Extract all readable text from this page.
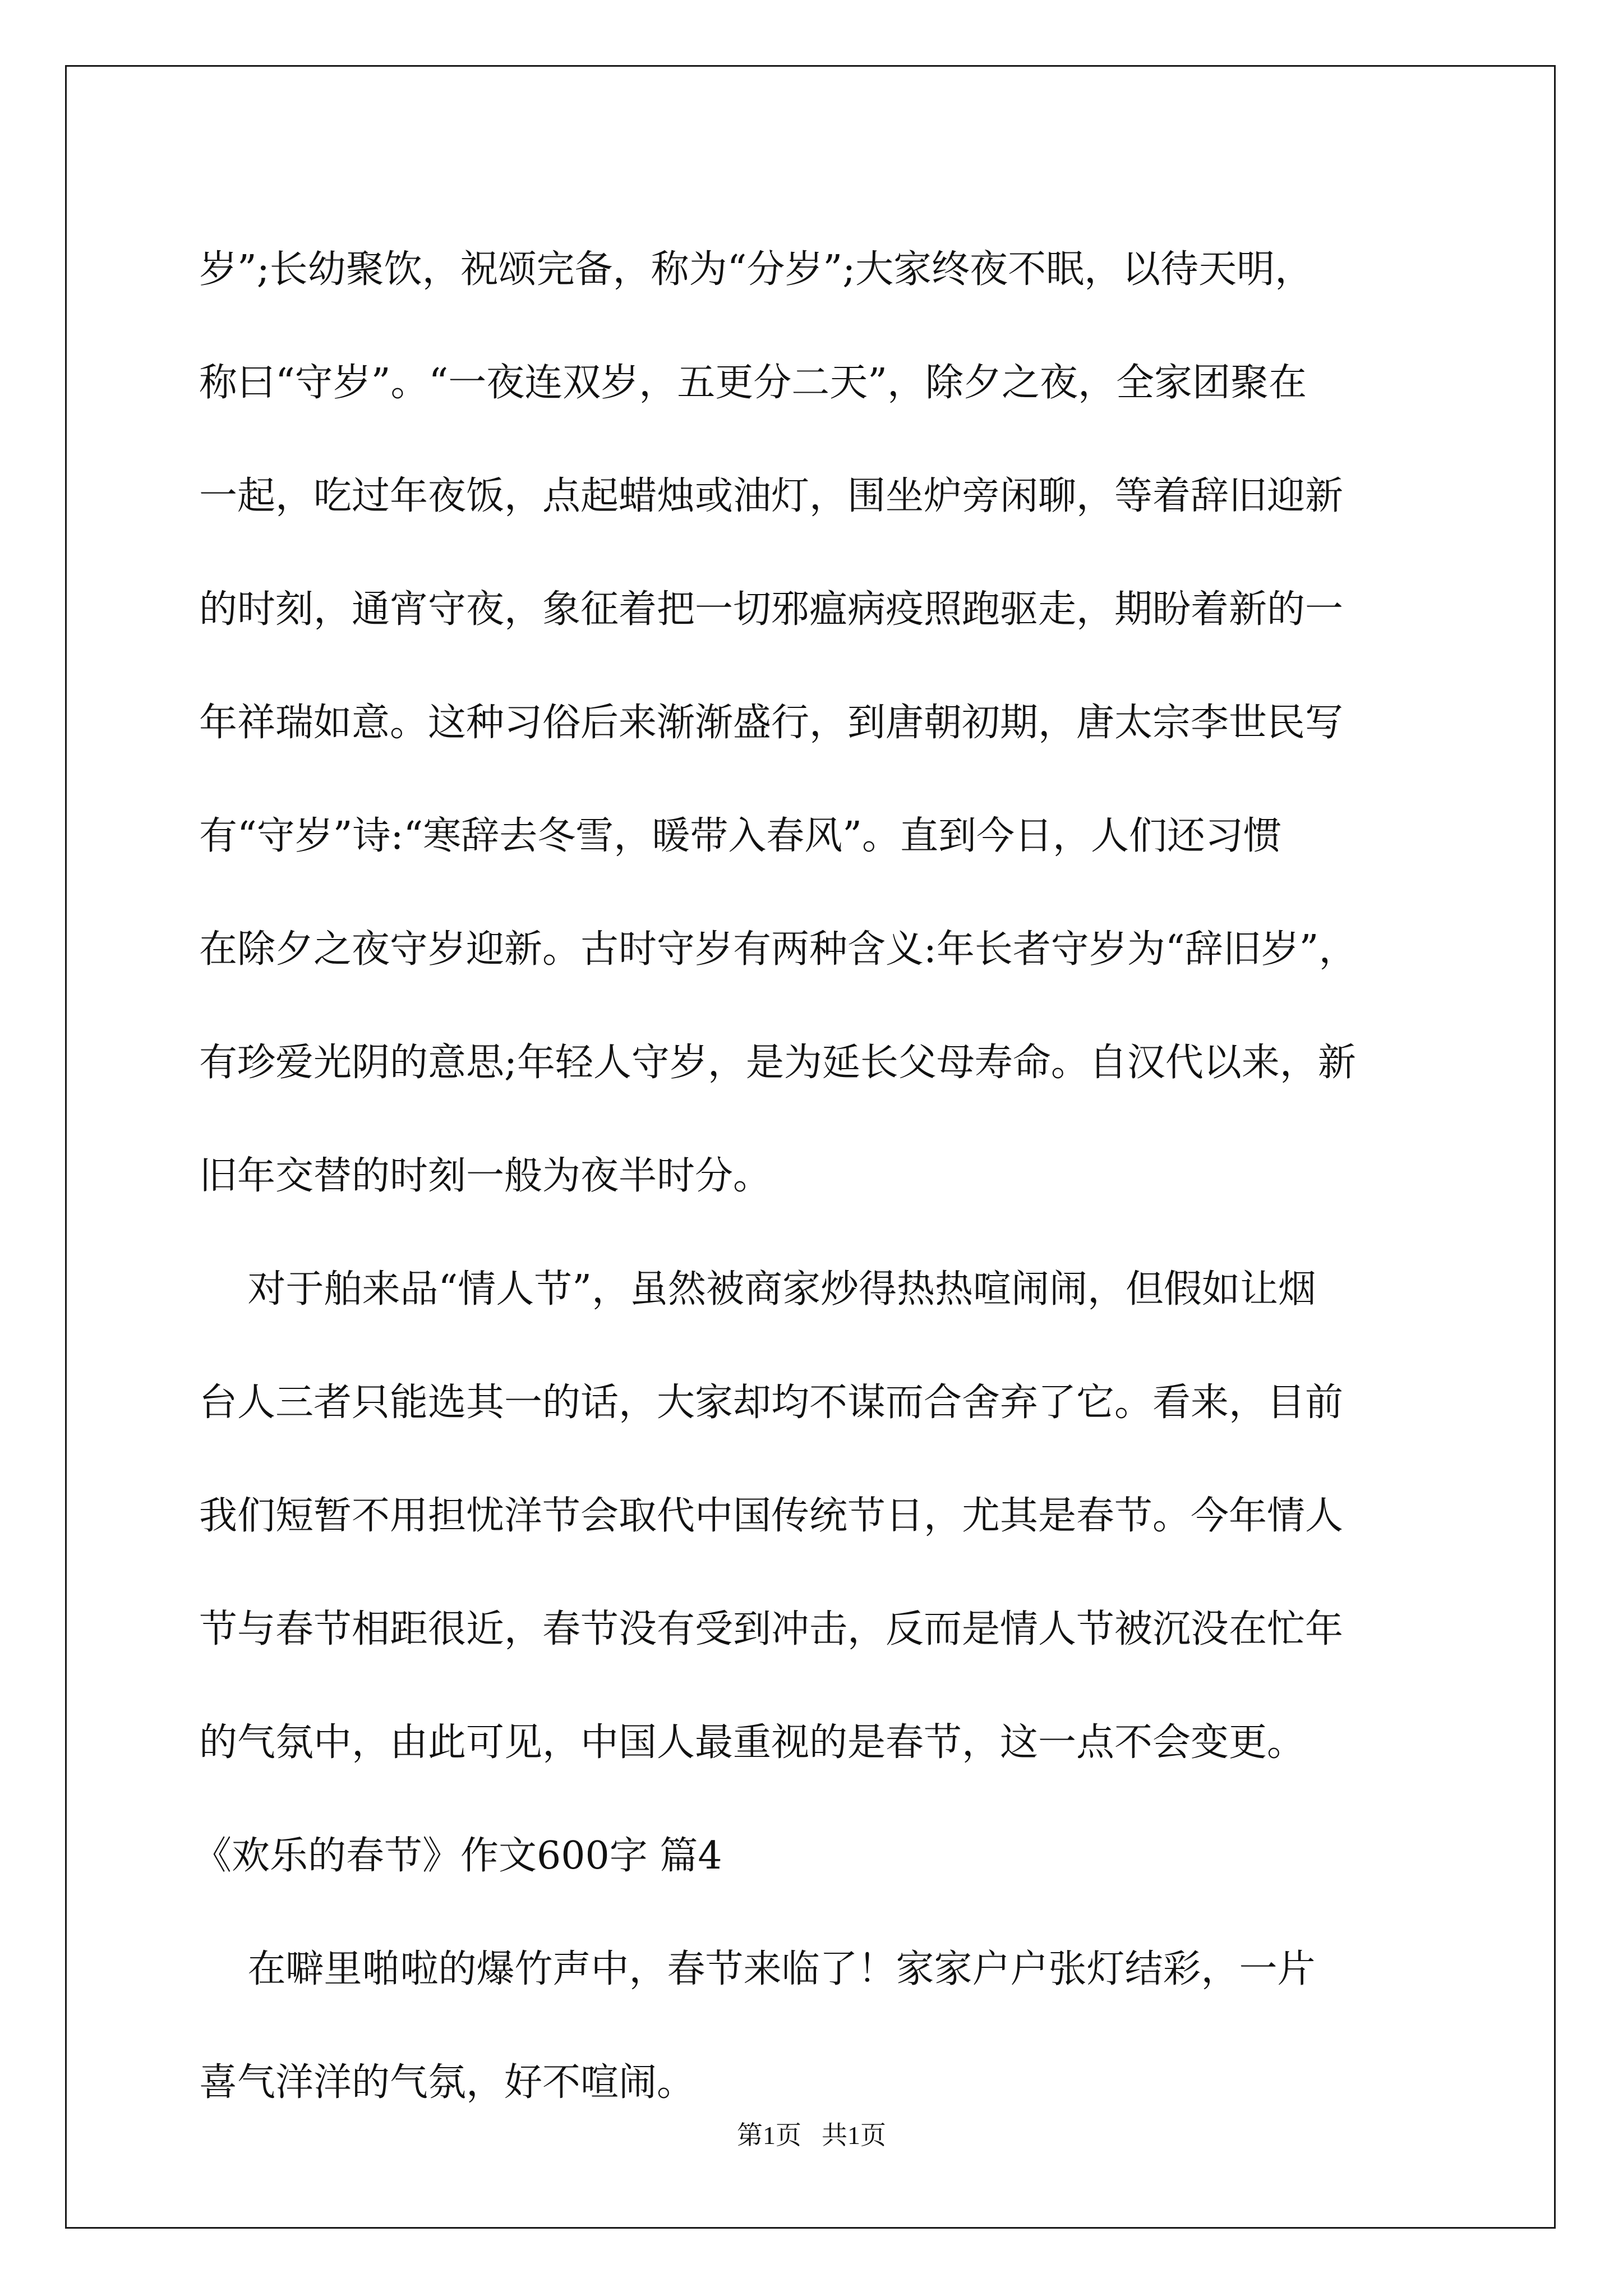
岁”;长幼聚饮，祝颂完备，称为“分岁”;大家终夜不眠，以待天明，
称曰“守岁”。“一夜连双岁，五更分二天”，除夕之夜，全家团聚在
一起，吃过年夜饭，点起蜡烛或油灯，围坐炉旁闲聊，等着辞旧迎新
的时刻，通宵守夜，象征着把一切邪瘟病疫照跑驱走，期盼着新的一
年祥瑞如意。这种习俗后来渐渐盛行，到唐朝初期，唐太宗李世民写
有“守岁”诗:“寒辞去冬雪，暖带入春风”。直到今日，人们还习惯
在除夕之夜守岁迎新。古时守岁有两种含义:年长者守岁为“辞旧岁”，
有珍爱光阴的意思;年轻人守岁，是为延长父母寿命。自汉代以来，新
旧年交替的时刻一般为夜半时分。
对于舶来品“情人节”，虽然被商家炒得热热喧闹闹，但假如让烟
台人三者只能选其一的话，大家却均不谋而合舍弃了它。看来，目前
我们短暂不用担忧洋节会取代中国传统节日，尤其是春节。今年情人
节与春节相距很近，春节没有受到冲击，反而是情人节被沉没在忙年
的气氛中，由此可见，中国人最重视的是春节，这一点不会变更。
《欢乐的春节》作文600字 篇4
在噼里啪啦的爆竹声中，春节来临了！家家户户张灯结彩，一片
喜气洋洋的气氛，好不喧闹。
第1页 共1页
